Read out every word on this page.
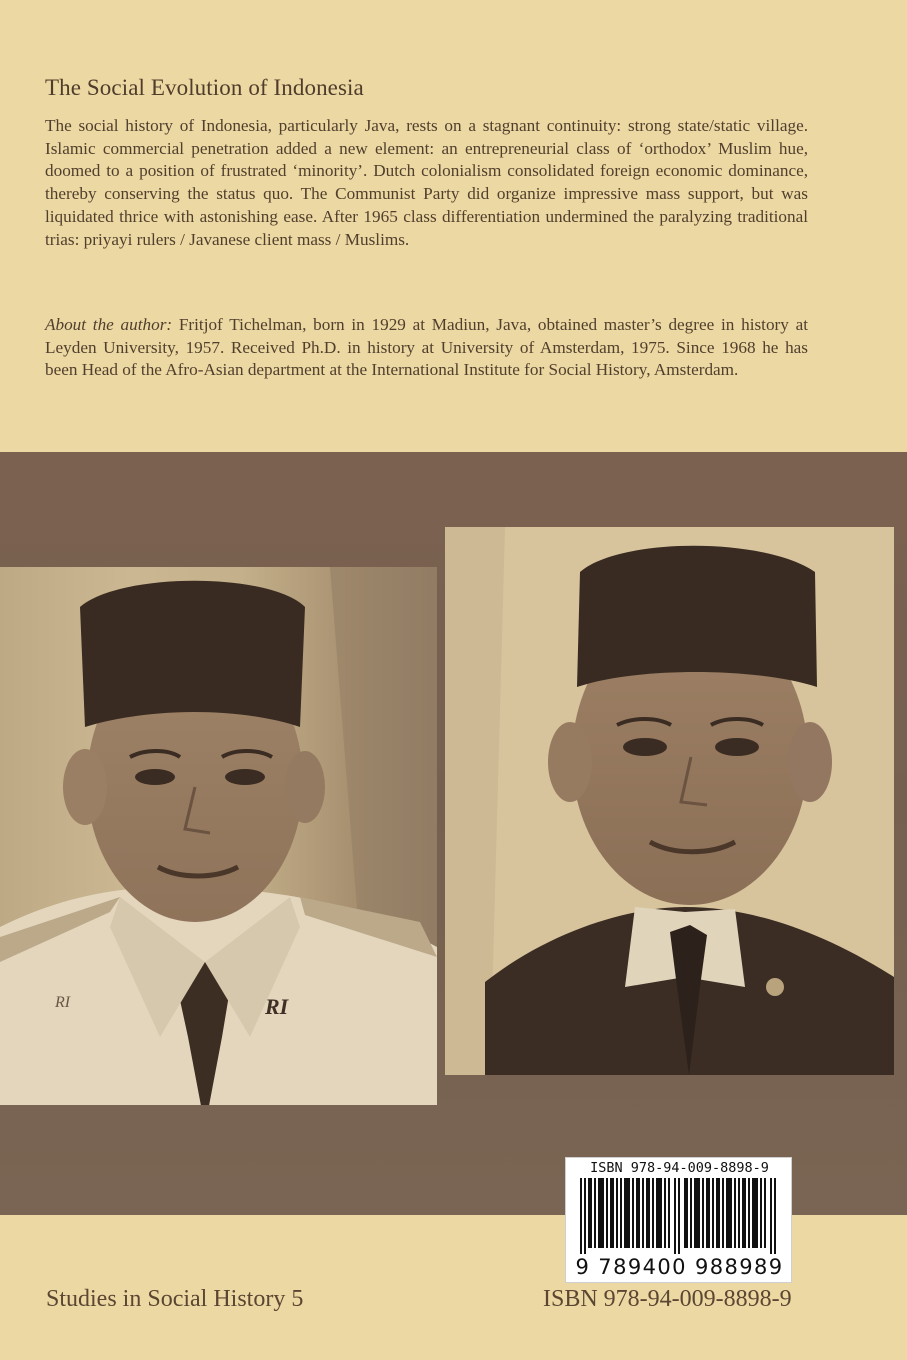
The Social Evolution of Indonesia

The social history of Indonesia, particularly Java, rests on a stagnant continuity: strong state/static village. Islamic commercial penetration added a new element: an entrepreneurial class of ‘orthodox’ Muslim hue, doomed to a position of frustrated ‘minority’. Dutch colonialism consolidated foreign economic dominance, thereby conserving the status quo. The Communist Party did organize impressive mass support, but was liquidated thrice with astonishing ease. After 1965 class differentiation undermined the paralyzing traditional trias: priyayi rulers / Javanese client mass / Muslims.

About the author: Fritjof Tichelman, born in 1929 at Madiun, Java, obtained master’s degree in history at Leyden University, 1957. Received Ph.D. in history at University of Amsterdam, 1975. Since 1968 he has been Head of the Afro-Asian department at the International Institute for Social History, Amsterdam.

RI
RI
ISBN 978-94-009-8898-9
9 789400 988989
Studies in Social History 5	ISBN 978-94-009-8898-9
